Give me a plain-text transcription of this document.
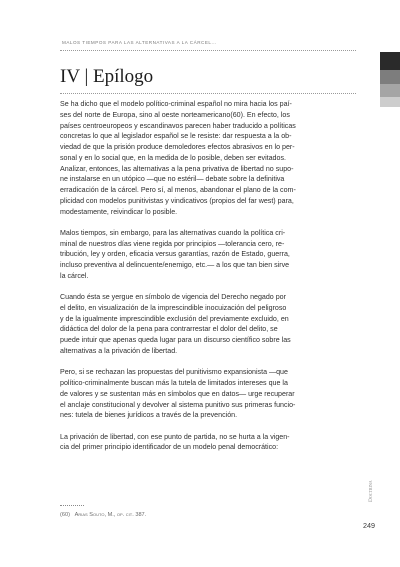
MALOS TIEMPOS PARA LAS ALTERNATIVAS A LA CÁRCEL...
IV | Epílogo

Se ha dicho que el modelo político-criminal español no mira hacia los paí-
ses del norte de Europa, sino al oeste norteamericano(60). En efecto, los
países centroeuropeos y escandinavos parecen haber traducido a políticas
concretas lo que al legislador español se le resiste: dar respuesta a la ob-
viedad de que la prisión produce demoledores efectos abrasivos en lo per-
sonal y en lo social que, en la medida de lo posible, deben ser evitados.
Analizar, entonces, las alternativas a la pena privativa de libertad no supo-
ne instalarse en un utópico —que no estéril— debate sobre la definitiva
erradicación de la cárcel. Pero sí, al menos, abandonar el plano de la com-
plicidad con modelos punitivistas y vindicativos (propios del far west) para,
modestamente, reivindicar lo posible.

Malos tiempos, sin embargo, para las alternativas cuando la política cri-
minal de nuestros días viene regida por principios —tolerancia cero, re-
tribución, ley y orden, eficacia versus garantías, razón de Estado, guerra,
incluso preventiva al delincuente/enemigo, etc.— a los que tan bien sirve
la cárcel.

Cuando ésta se yergue en símbolo de vigencia del Derecho negado por
el delito, en visualización de la imprescindible inocuización del peligroso
y de la igualmente imprescindible exclusión del previamente excluido, en
didáctica del dolor de la pena para contrarrestar el dolor del delito, se
puede intuir que apenas queda lugar para un discurso científico sobre las
alternativas a la privación de libertad.

Pero, si se rechazan las propuestas del punitivismo expansionista —que
político-criminalmente buscan más la tutela de limitados intereses que la
de valores y se sustentan más en símbolos que en datos— urge recuperar
el anclaje constitucional y devolver al sistema punitivo sus primeras funcio-
nes: tutela de bienes jurídicos a través de la prevención.

La privación de libertad, con ese punto de partida, no se hurta a la vigen-
cia del primer principio identificador de un modelo penal democrático:

(60) Arias Souto, M., op. cit. 387.
Doctrina
249
